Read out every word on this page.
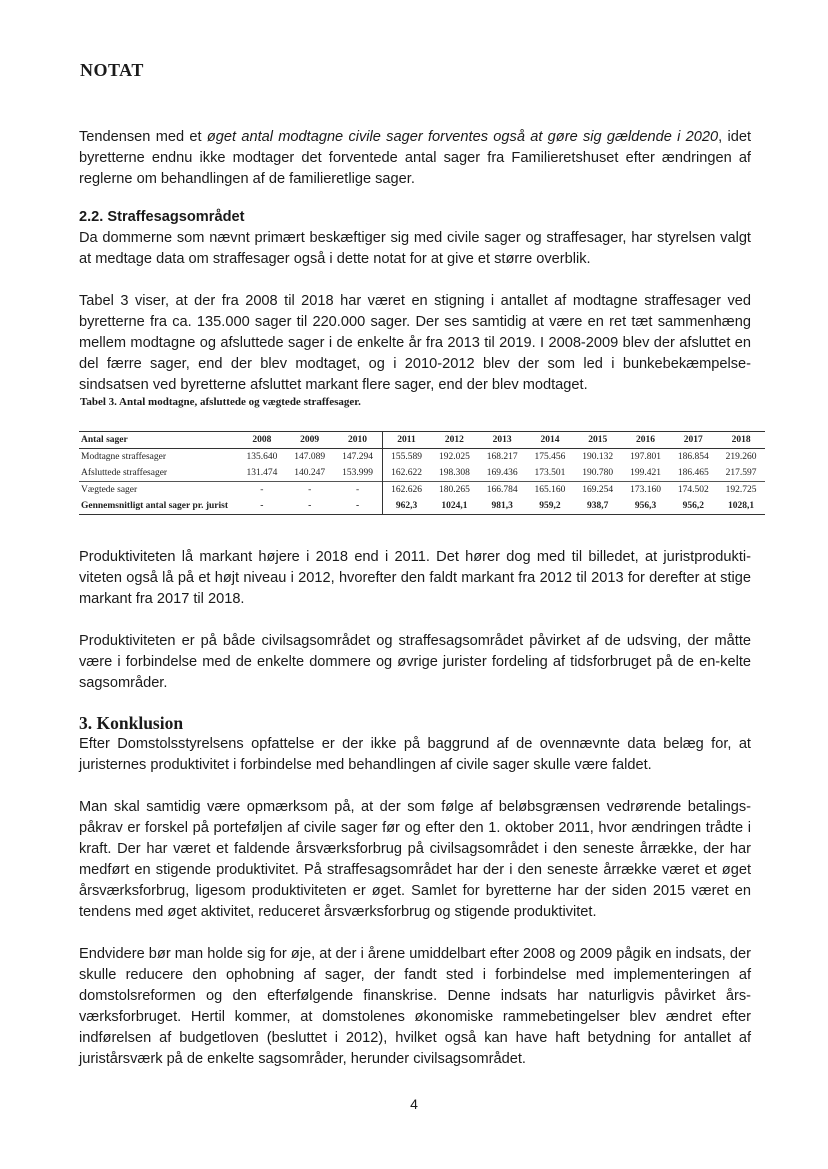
NOTAT

Tendensen med et øget antal modtagne civile sager forventes også at gøre sig gældende i 2020, idet byretterne endnu ikke modtager det forventede antal sager fra Familieretshuset efter ændringen af reglerne om behandlingen af de familieretlige sager.

2.2. Straffesagsområdet

Da dommerne som nævnt primært beskæftiger sig med civile sager og straffesager, har styrelsen valgt at medtage data om straffesager også i dette notat for at give et større overblik.

Tabel 3 viser, at der fra 2008 til 2018 har været en stigning i antallet af modtagne straffesager ved byretterne fra ca. 135.000 sager til 220.000 sager. Der ses samtidig at være en ret tæt sammenhæng mellem modtagne og afsluttede sager i de enkelte år fra 2013 til 2019. I 2008-2009 blev der afsluttet en del færre sager, end der blev modtaget, og i 2010-2012 blev der som led i bunkebekæmpelse-sindsatsen ved byretterne afsluttet markant flere sager, end der blev modtaget.

Tabel 3. Antal modtagne, afsluttede og vægtede straffesager.
Antal sager	2008	2009	2010	2011	2012	2013	2014	2015	2016	2017	2018
Modtagne straffesager	135.640	147.089	147.294	155.589	192.025	168.217	175.456	190.132	197.801	186.854	219.260
Afsluttede straffesager	131.474	140.247	153.999	162.622	198.308	169.436	173.501	190.780	199.421	186.465	217.597
Vægtede sager	-	-	-	162.626	180.265	166.784	165.160	169.254	173.160	174.502	192.725
Gennemsnitligt antal sager pr. jurist	-	-	-	962,3	1024,1	981,3	959,2	938,7	956,3	956,2	1028,1

Produktiviteten lå markant højere i 2018 end i 2011. Det hører dog med til billedet, at juristprodukti-viteten også lå på et højt niveau i 2012, hvorefter den faldt markant fra 2012 til 2013 for derefter at stige markant fra 2017 til 2018.

Produktiviteten er på både civilsagsområdet og straffesagsområdet påvirket af de udsving, der måtte være i forbindelse med de enkelte dommere og øvrige jurister fordeling af tidsforbruget på de en-kelte sagsområder.

3. Konklusion

Efter Domstolsstyrelsens opfattelse er der ikke på baggrund af de ovennævnte data belæg for, at juristernes produktivitet i forbindelse med behandlingen af civile sager skulle være faldet.

Man skal samtidig være opmærksom på, at der som følge af beløbsgrænsen vedrørende betalings-påkrav er forskel på porteføljen af civile sager før og efter den 1. oktober 2011, hvor ændringen trådte i kraft. Der har været et faldende årsværksforbrug på civilsagsområdet i den seneste årrække, der har medført en stigende produktivitet. På straffesagsområdet har der i den seneste årrække været et øget årsværksforbrug, ligesom produktiviteten er øget. Samlet for byretterne har der siden 2015 været en tendens med øget aktivitet, reduceret årsværksforbrug og stigende produktivitet.

Endvidere bør man holde sig for øje, at der i årene umiddelbart efter 2008 og 2009 pågik en indsats, der skulle reducere den ophobning af sager, der fandt sted i forbindelse med implementeringen af domstolsreformen og den efterfølgende finanskrise. Denne indsats har naturligvis påvirket års-værksforbruget. Hertil kommer, at domstolenes økonomiske rammebetingelser blev ændret efter indførelsen af budgetloven (besluttet i 2012), hvilket også kan have haft betydning for antallet af juristårsværk på de enkelte sagsområder, herunder civilsagsområdet.

4
